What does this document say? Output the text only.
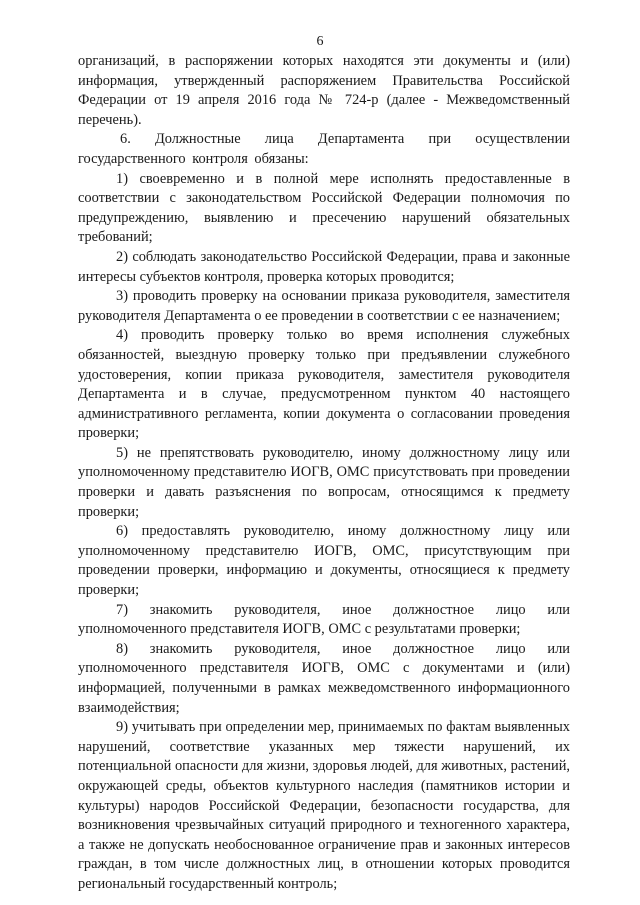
6

организаций, в распоряжении которых находятся эти документы и (или) информация, утвержденный распоряжением Правительства Российской Федерации от 19 апреля 2016 года № 724-р (далее - Межведомственный перечень).

6. Должностные лица Департамента при осуществлении государственного контроля обязаны:

1) своевременно и в полной мере исполнять предоставленные в соответствии с законодательством Российской Федерации полномочия по предупреждению, выявлению и пресечению нарушений обязательных требований;

2) соблюдать законодательство Российской Федерации, права и законные интересы субъектов контроля, проверка которых проводится;

3) проводить проверку на основании приказа руководителя, заместителя руководителя Департамента о ее проведении в соответствии с ее назначением;

4) проводить проверку только во время исполнения служебных обязанностей, выездную проверку только при предъявлении служебного удостоверения, копии приказа руководителя, заместителя руководителя Департамента и в случае, предусмотренном пунктом 40 настоящего административного регламента, копии документа о согласовании проведения проверки;

5) не препятствовать руководителю, иному должностному лицу или уполномоченному представителю ИОГВ, ОМС присутствовать при проведении проверки и давать разъяснения по вопросам, относящимся к предмету проверки;

6) предоставлять руководителю, иному должностному лицу или уполномоченному представителю ИОГВ, ОМС, присутствующим при проведении проверки, информацию и документы, относящиеся к предмету проверки;

7) знакомить руководителя, иное должностное лицо или уполномоченного представителя ИОГВ, ОМС с результатами проверки;

8) знакомить руководителя, иное должностное лицо или уполномоченного представителя ИОГВ, ОМС с документами и (или) информацией, полученными в рамках межведомственного информационного взаимодействия;

9) учитывать при определении мер, принимаемых по фактам выявленных нарушений, соответствие указанных мер тяжести нарушений, их потенциальной опасности для жизни, здоровья людей, для животных, растений, окружающей среды, объектов культурного наследия (памятников истории и культуры) народов Российской Федерации, безопасности государства, для возникновения чрезвычайных ситуаций природного и техногенного характера, а также не допускать необоснованное ограничение прав и законных интересов граждан, в том числе должностных лиц, в отношении которых проводится региональный государственный контроль;
